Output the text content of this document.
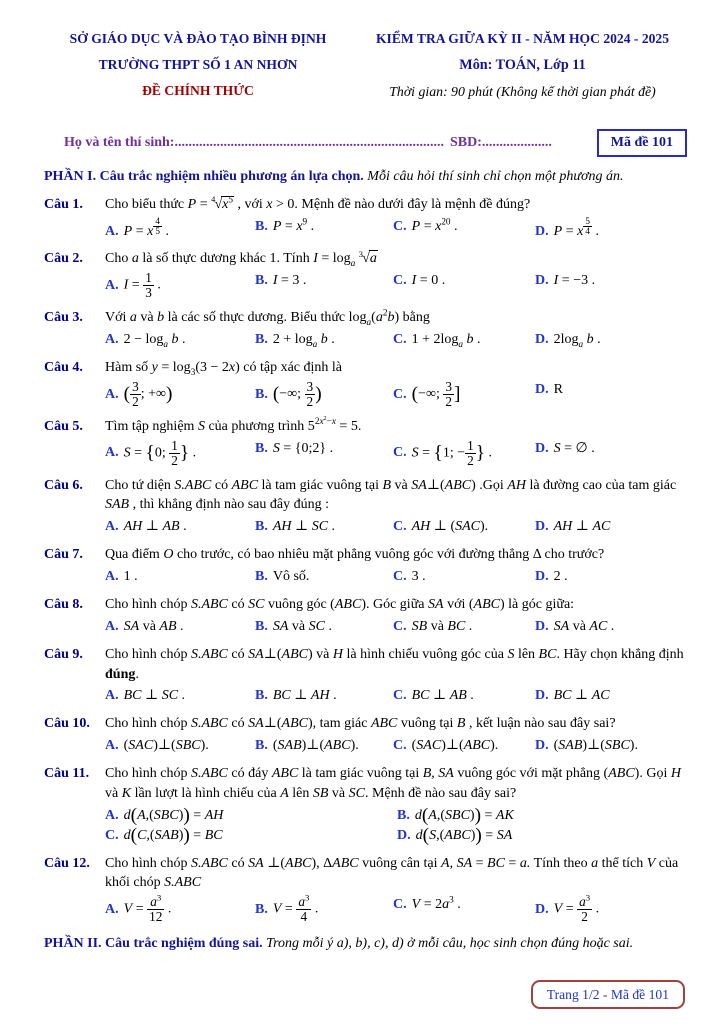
SỞ GIÁO DỤC VÀ ĐÀO TẠO BÌNH ĐỊNH
TRƯỜNG THPT SỐ 1 AN NHƠN
ĐỀ CHÍNH THỨC
KIỂM TRA GIỮA KỲ II - NĂM HỌC 2024 - 2025
Môn: TOÁN, Lớp 11
Thời gian: 90 phút (Không kể thời gian phát đề)
Họ và tên thí sinh: ............................................................................. SBD: ....................	Mã đề 101
PHẦN I. Câu trắc nghiệm nhiều phương án lựa chọn. Mỗi câu hỏi thí sinh chỉ chọn một phương án.
Câu 1.	Cho biểu thức $P = ^4√x^5$ , với x > 0. Mệnh đề nào dưới đây là mệnh đề đúng?
A. P = x $^{\frac{4}{5}}$ .	B. $P = x^9$ .	C. $P = x^{20}$ .	D. P = x $^{\frac{5}{4}}$ .
Câu 2.	Cho a là số thực dương khác 1. Tính $I = \log_a ^3√a$
A. $I = \frac{1}{3}$ .	B. I = 3 .	C. I = 0 .	D. I = −3 .
Câu 3.	Với a và b là các số thực dương. Biểu thức $\log_a(a^2b)$ bằng
A. $2 - \log_a b$ .	B. $2 + \log_a b$ .	C. $1 + 2\log_a$ b .	D. $2\log_a$ b .
Câu 4.	Hàm số $y = \log_3(3 - 2x)$ có tập xác định là
A. ( $\frac{3}{2}$ ; +∞)	B. (−∞; $\frac{3}{2}$ )	C. (−∞; $\frac{3}{2}$ ]	D. R
Câu 5.	Tìm tập nghiệm S của phương trình $5^{2x^2-x} = 5$.
A. S = {0; $\frac{1}{2}$ } .	B. S = {0;2} .	C. S = {1; − $\frac{1}{2}$ } .	D. S = ∅ .
Câu 6.	Cho tứ diện S.ABC có ABC là tam giác vuông tại B và SA⊥(ABC) .Gọi AH là đường cao của tam giác SAB , thì khẳng định nào sau đây đúng :
A. AH ⊥ AB .	B. AH ⊥ SC .	C. AH ⊥ (SAC).	D. AH ⊥ AC
Câu 7.	Qua điểm O cho trước, có bao nhiêu mặt phẳng vuông góc với đường thẳng Δ cho trước?
A. 1 .	B. Vô số.	C. 3 .	D. 2 .
Câu 8.	Cho hình chóp S.ABC có SC vuông góc (ABC). Góc giữa SA với (ABC) là góc giữa:
A. SA và AB .	B. SA và SC .	C. SB và BC .	D. SA và AC .
Câu 9.	Cho hình chóp S.ABC có SA⊥(ABC) và H là hình chiếu vuông góc của S lên BC. Hãy chọn khẳng định đúng.
A. BC ⊥ SC .	B. BC ⊥ AH .	C. BC ⊥ AB .	D. BC ⊥ AC
Câu 10.	Cho hình chóp S.ABC có SA⊥(ABC), tam giác ABC vuông tại B , kết luận nào sau đây sai?
A. (SAC)⊥(SBC).	B. (SAB)⊥(ABC).	C. (SAC)⊥(ABC).	D. (SAB)⊥(SBC).
Câu 11.	Cho hình chóp S.ABC có đáy ABC là tam giác vuông tại B, SA vuông góc với mặt phẳng (ABC). Gọi H và K lần lượt là hình chiếu của A lên SB và SC. Mệnh đề nào sau đây sai?
A. d(A,(SBC)) = AH	B. d(A,(SBC)) = AK
C. d(C,(SAB)) = BC	D. d(S,(ABC)) = SA
Câu 12.	Cho hình chóp S.ABC có SA ⊥(ABC), ΔABC vuông cân tại A, SA = BC = a. Tính theo a thể tích V của khối chóp S.ABC
A. $V = \frac{a^3}{12}$ .	B. $V = \frac{a^3}{4}$ .	C. $V = 2a^3$ .	D. $V = \frac{a^3}{2}$ .
PHẦN II. Câu trắc nghiệm đúng sai. Trong mỗi ý a), b), c), d) ở mỗi câu, học sinh chọn đúng hoặc sai.
Trang 1/2 - Mã đề 101
